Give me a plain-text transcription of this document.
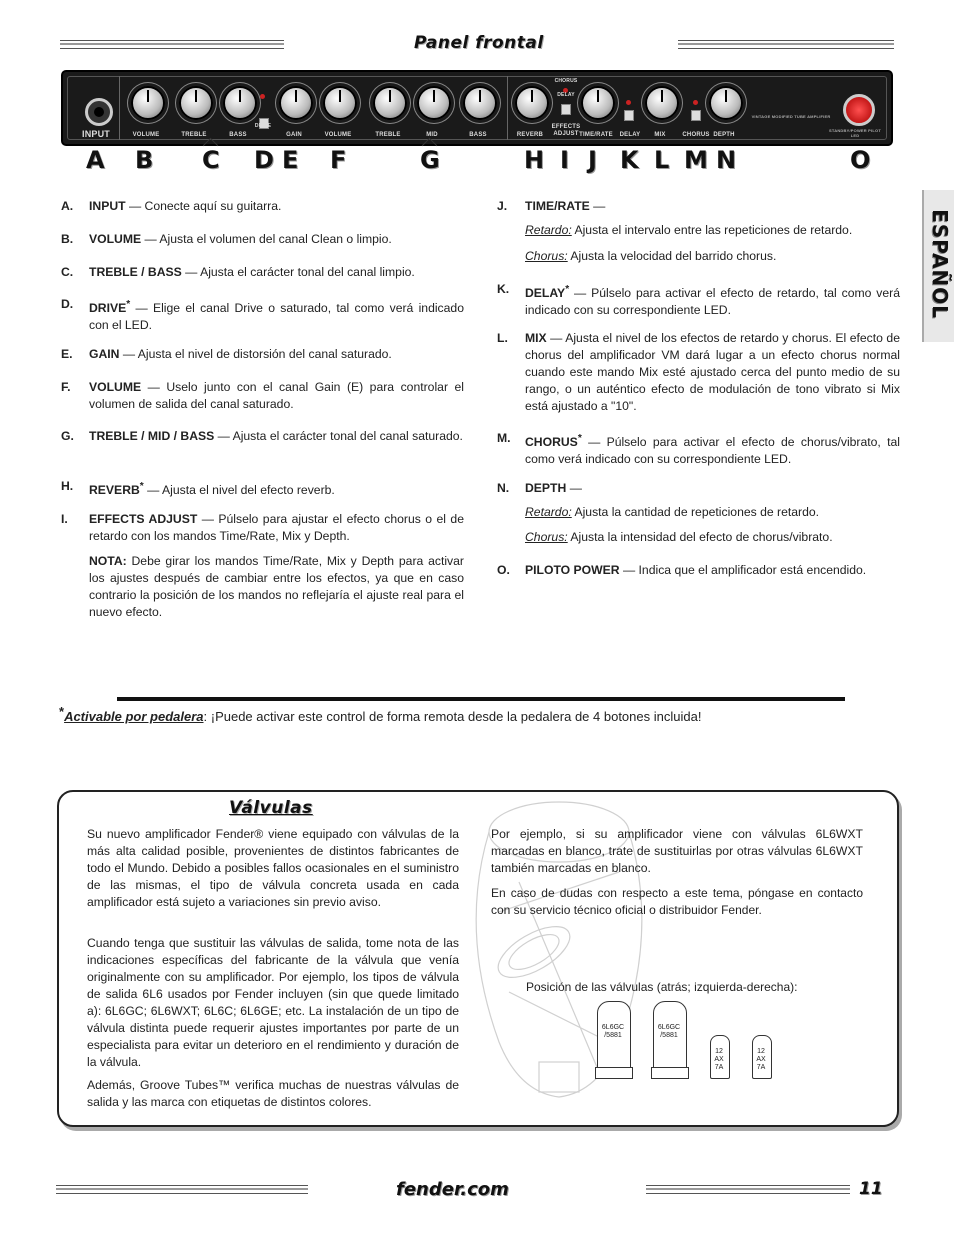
Panel frontal
INPUT	VOLUME	TREBLE	BASS
DRIVE
GAIN	VOLUME	TREBLE	MID	BASS	REVERB
EFFECTS ADJUST TIME/RATE	DELAY	MIX	CHORUS DEPTH
CHORUS
DELAY
VINTAGE MODIFIED TUBE AMPLIFIER
STANDBY/POWER PILOT LED
A B C D E F	G	H I J K L M N	O
ESPAÑOL
A. INPUT — Conecte aquí su guitarra.
B. VOLUME — Ajusta el volumen del canal Clean o limpio.
C. TREBLE / BASS — Ajusta el carácter tonal del canal limpio.
D. DRIVE* — Elige el canal Drive o saturado, tal como verá indicado con el LED.
E. GAIN — Ajusta el nivel de distorsión del canal saturado.
F. VOLUME — Uselo junto con el canal Gain (E) para controlar el volumen de salida del canal saturado.
G. TREBLE / MID / BASS — Ajusta el carácter tonal del canal saturado.
H. REVERB* — Ajusta el nivel del efecto reverb.
I. EFFECTS ADJUST — Púlselo para ajustar el efecto chorus o el de retardo con los mandos Time/Rate, Mix y Depth.
J. TIME/RATE —
K. DELAY* — Púlselo para activar el efecto de retardo, tal como verá indicado con su correspondiente LED.
L. MIX — Ajusta el nivel de los efectos de retardo y chorus. El efecto de chorus del amplificador VM dará lugar a un efecto chorus normal cuando este mando Mix esté ajustado cerca del punto medio de su rango, o un auténtico efecto de modulación de tono vibrato si Mix está ajustado a "10".
M. CHORUS* — Púlselo para activar el efecto de chorus/vibrato, tal como verá indicado con su correspondiente LED.
N. DEPTH —
O. PILOTO POWER — Indica que el amplificador está encendido.
NOTA: Debe girar los mandos Time/Rate, Mix y Depth para activar los ajustes después de cambiar entre los efectos, ya que en caso contrario la posición de los mandos no reflejaría el ajuste real para el nuevo efecto.
Retardo: Ajusta el intervalo entre las repeticiones de retardo.
Chorus: Ajusta la velocidad del barrido chorus.
Retardo: Ajusta la cantidad de repeticiones de retardo.
Chorus: Ajusta la intensidad del efecto de chorus/vibrato.
*Activable por pedalera: ¡Puede activar este control de forma remota desde la pedalera de 4 botones incluida!
Válvulas
Su nuevo amplificador Fender® viene equipado con válvulas de la más alta calidad posible, provenientes de distintos fabricantes de todo el Mundo. Debido a posibles fallos ocasionales en el suministro de las mismas, el tipo de válvula concreta usada en cada amplificador está sujeto a variaciones sin previo aviso.
Cuando tenga que sustituir las válvulas de salida, tome nota de las indicaciones específicas del fabricante de la válvula que venía originalmente con su amplificador. Por ejemplo, los tipos de válvula de salida 6L6 usados por Fender incluyen (sin que quede limitado a): 6L6GC; 6L6WXT; 6L6C; 6L6GE; etc. La instalación de un tipo de válvula distinta puede requerir ajustes importantes por parte de un especialista para evitar un deterioro en el rendimiento y duración de la válvula.
Además, Groove Tubes™ verifica muchas de nuestras válvulas de salida y las marca con etiquetas de distintos colores.
Por ejemplo, si su amplificador viene con válvulas 6L6WXT marcadas en blanco, trate de sustituirlas por otras válvulas 6L6WXT también marcadas en blanco.
En caso de dudas con respecto a este tema, póngase en contacto con su servicio técnico oficial o distribuidor Fender.
Posición de las válvulas (atrás; izquierda-derecha):
6L6GC /5881
6L6GC /5881
12 AX 7A
12 AX 7A
fender.com	11
